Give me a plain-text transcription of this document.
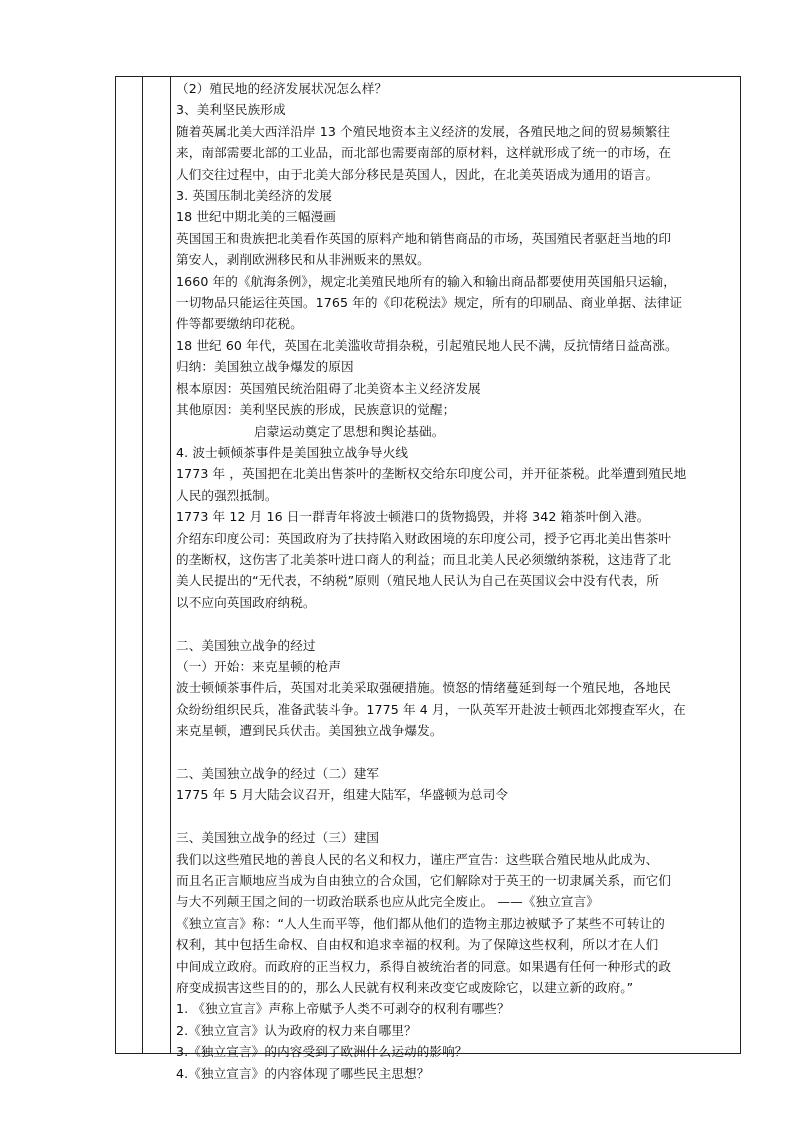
（2）殖民地的经济发展状况怎么样？

3、美利坚民族形成

随着英属北美大西洋沿岸 13 个殖民地资本主义经济的发展，各殖民地之间的贸易频繁往

来，南部需要北部的工业品，而北部也需要南部的原材料，这样就形成了统一的市场，在

人们交往过程中，由于北美大部分移民是英国人，因此，在北美英语成为通用的语言。

3. 英国压制北美经济的发展

18 世纪中期北美的三幅漫画

英国国王和贵族把北美看作英国的原料产地和销售商品的市场，英国殖民者驱赶当地的印

第安人，剥削欧洲移民和从非洲贩来的黑奴。

1660 年的《航海条例》，规定北美殖民地所有的输入和输出商品都要使用英国船只运输，

一切物品只能运往英国。1765 年的《印花税法》规定，所有的印刷品、商业单据、法律证

件等都要缴纳印花税。

18 世纪 60 年代，英国在北美滥收苛捐杂税，引起殖民地人民不满，反抗情绪日益高涨。

归纳：美国独立战争爆发的原因

根本原因：英国殖民统治阻碍了北美资本主义经济发展

其他原因：美利坚民族的形成，民族意识的觉醒；

启蒙运动奠定了思想和舆论基础。

4. 波士顿倾茶事件是美国独立战争导火线

1773 年 ，英国把在北美出售茶叶的垄断权交给东印度公司，并开征茶税。此举遭到殖民地

人民的强烈抵制。

1773 年 12 月 16 日一群青年将波士顿港口的货物捣毁，并将 342 箱茶叶倒入港。

介绍东印度公司：英国政府为了扶持陷入财政困境的东印度公司，授予它再北美出售茶叶

的垄断权，这伤害了北美茶叶进口商人的利益；而且北美人民必须缴纳茶税，这违背了北

美人民提出的“无代表，不纳税”原则（殖民地人民认为自己在英国议会中没有代表，所

以不应向英国政府纳税。

二、美国独立战争的经过

（一）开始：来克星顿的枪声

波士顿倾茶事件后，英国对北美采取强硬措施。愤怒的情绪蔓延到每一个殖民地，各地民

众纷纷组织民兵，准备武装斗争。1775 年 4 月，一队英军开赴波士顿西北郊搜查军火，在

来克星顿，遭到民兵伏击。美国独立战争爆发。

二、美国独立战争的经过（二）建军

1775 年 5 月大陆会议召开，组建大陆军，华盛顿为总司令

三、美国独立战争的经过（三）建国

我们以这些殖民地的善良人民的名义和权力，谨庄严宣告：这些联合殖民地从此成为、

而且名正言顺地应当成为自由独立的合众国，它们解除对于英王的一切隶属关系，而它们

与大不列颠王国之间的一切政治联系也应从此完全废止。 ——《独立宣言》

《独立宣言》称：“人人生而平等，他们都从他们的造物主那边被赋予了某些不可转让的

权利，其中包括生命权、自由权和追求幸福的权利。为了保障这些权利，所以才在人们

中间成立政府。而政府的正当权力，系得自被统治者的同意。如果遇有任何一种形式的政

府变成损害这些目的的，那么人民就有权利来改变它或废除它，以建立新的政府。”

1. 《独立宣言》声称上帝赋予人类不可剥夺的权利有哪些？

2.《独立宣言》认为政府的权力来自哪里？

3.《独立宣言》的内容受到了欧洲什么运动的影响？

4.《独立宣言》的内容体现了哪些民主思想？
